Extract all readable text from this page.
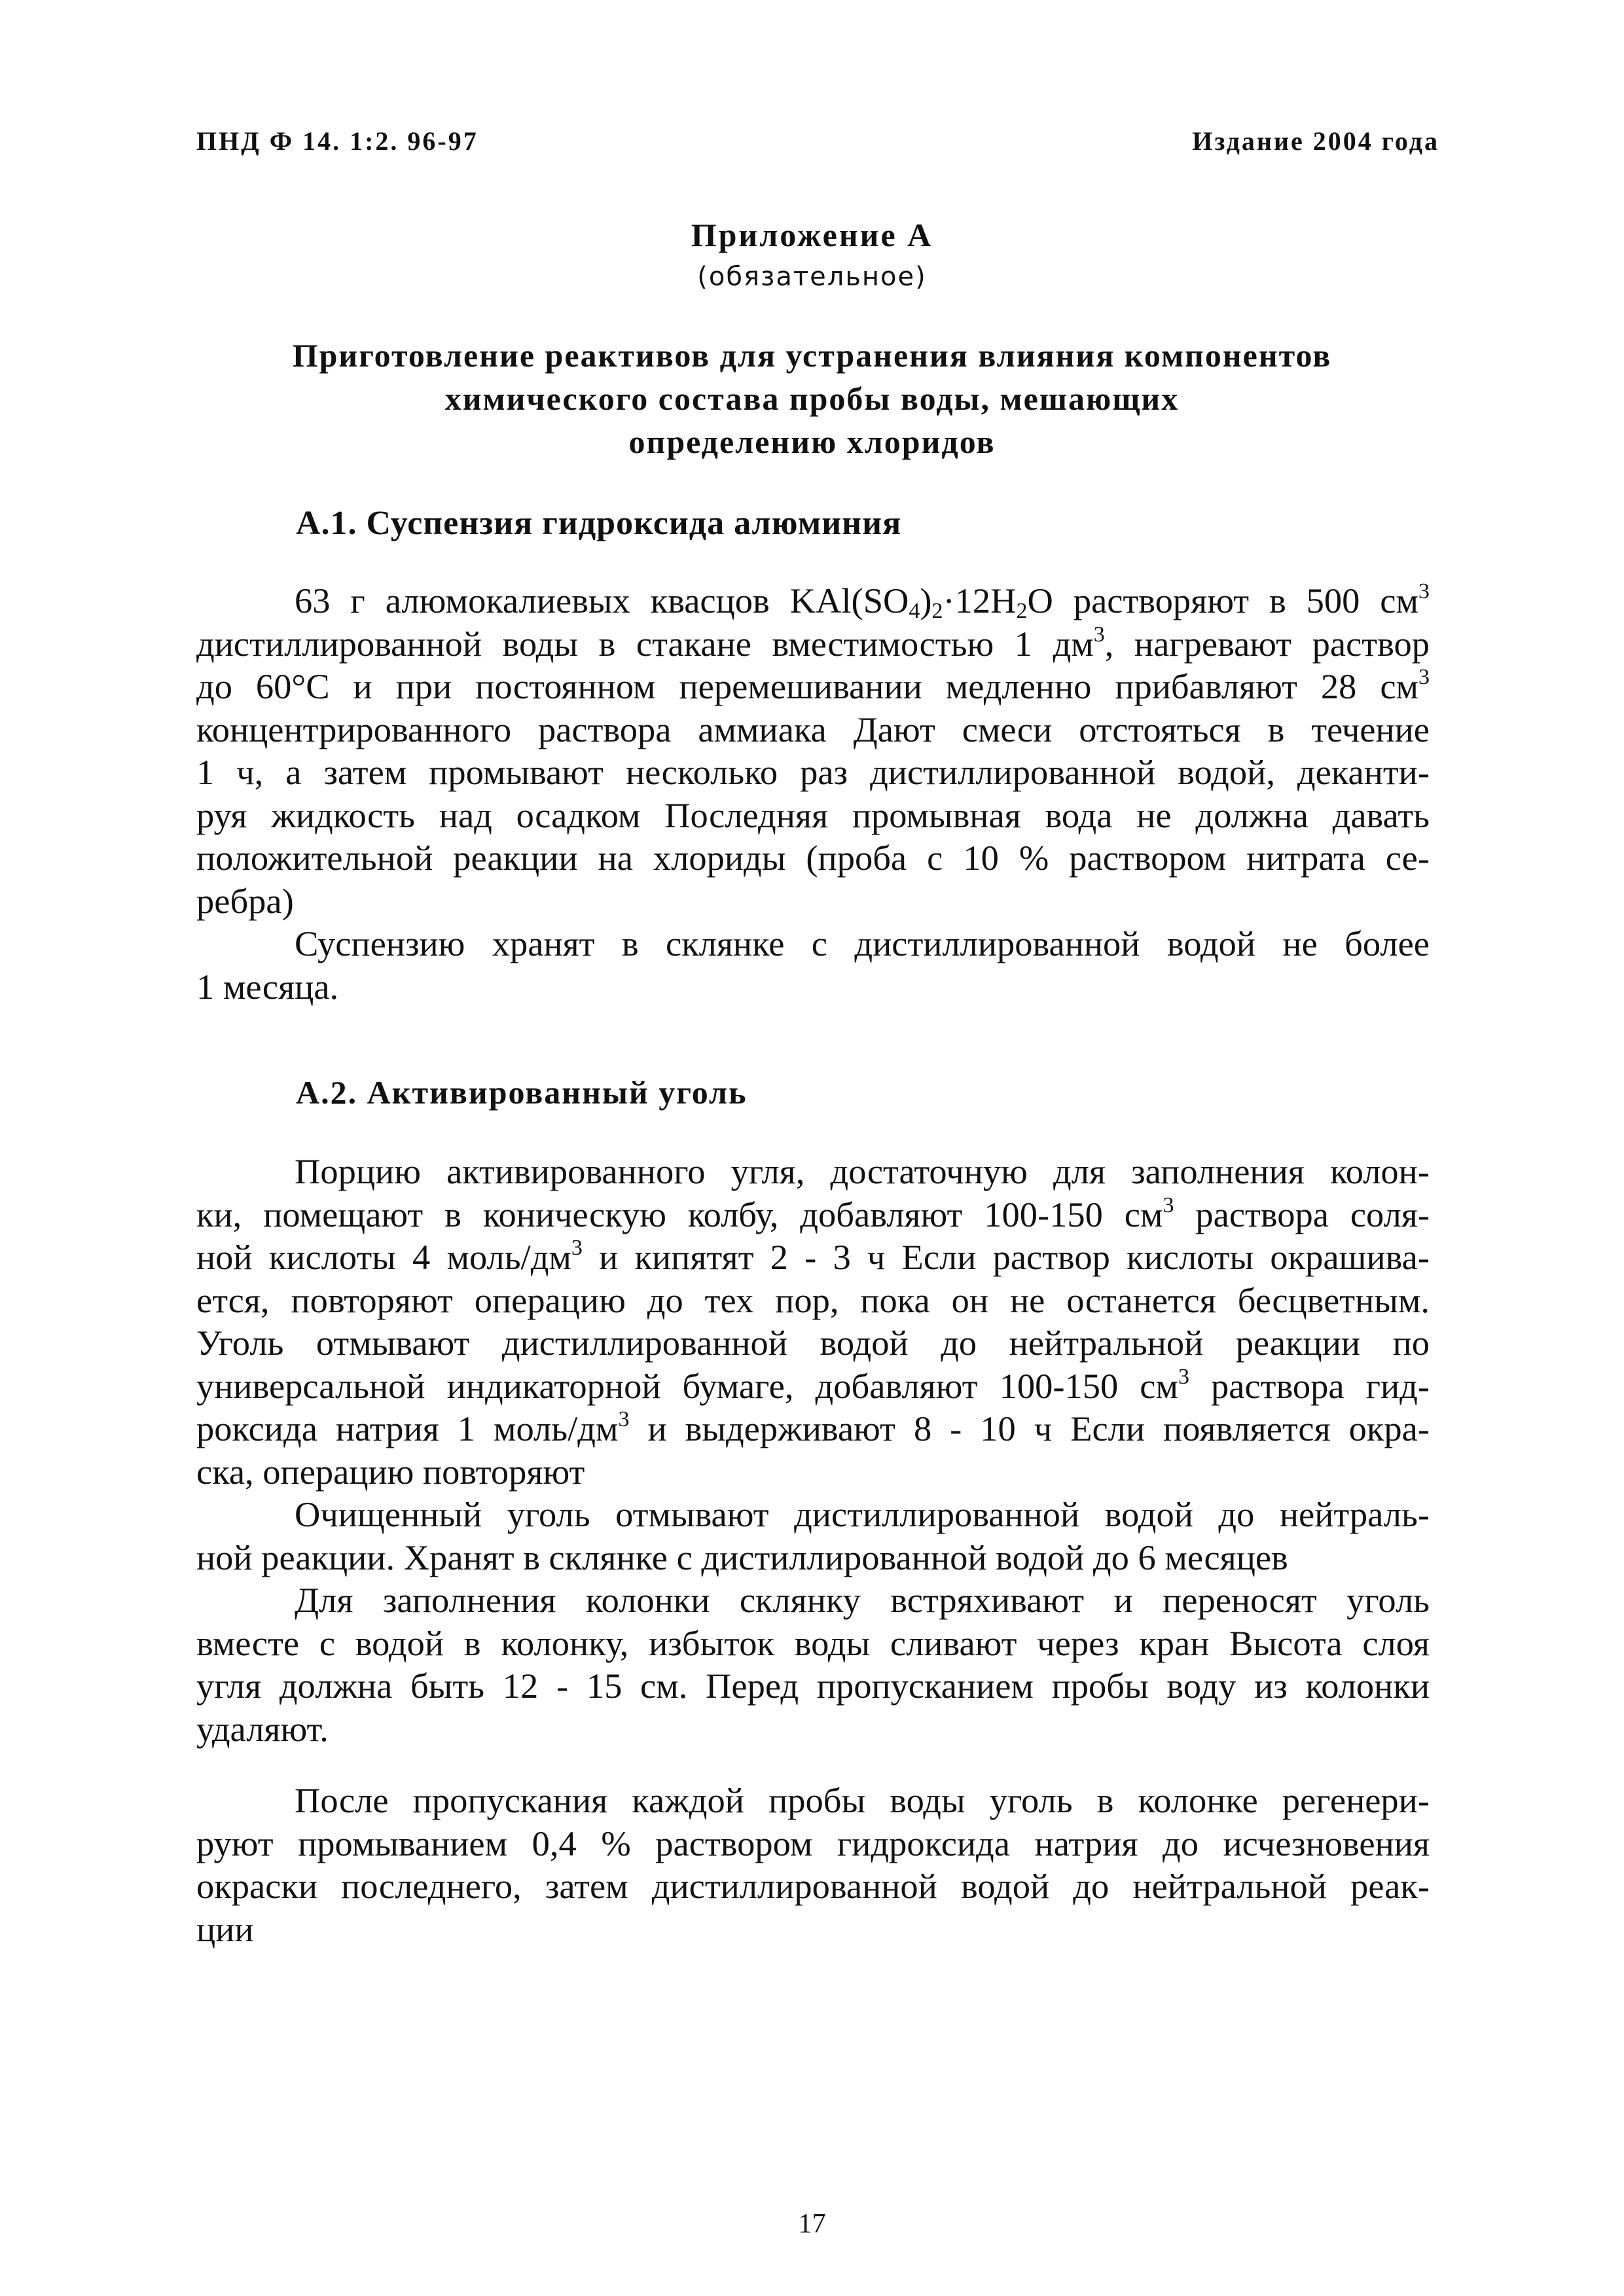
ПНД Ф 14. 1:2. 96-97	Издание 2004 года
Приложение А
(обязательное)
Приготовление реактивов для устранения влияния компонентов
химического состава пробы воды, мешающих
определению хлоридов
А.1. Суспензия гидроксида алюминия
63 г алюмокалиевых квасцов $KAl(SO_4)_2\cdot 12H_2O$ растворяют в 500 $см^3$
дистиллированной воды в стакане вместимостью 1 $дм^3$, нагревают раствор
до 60°С и при постоянном перемешивании медленно прибавляют 28 $см^3$
концентрированного раствора аммиака Дают смеси отстояться в течение
1 ч, а затем промывают несколько раз дистиллированной водой, деканти-
руя жидкость над осадком Последняя промывная вода не должна давать
положительной реакции на хлориды (проба с 10 % раствором нитрата се-
ребра)
Суспензию хранят в склянке с дистиллированной водой не более
1 месяца.
А.2. Активированный уголь
Порцию активированного угля, достаточную для заполнения колон-
ки, помещают в коническую колбу, добавляют 100-150 $см^3$ раствора соля-
ной кислоты 4 моль/$дм^3$ и кипятят 2 - 3 ч Если раствор кислоты окрашива-
ется, повторяют операцию до тех пор, пока он не останется бесцветным.
Уголь отмывают дистиллированной водой до нейтральной реакции по
универсальной индикаторной бумаге, добавляют 100-150 $см^3$ раствора гид-
роксида натрия 1 моль/$дм^3$ и выдерживают 8 - 10 ч Если появляется окра-
ска, операцию повторяют
Очищенный уголь отмывают дистиллированной водой до нейтраль-
ной реакции. Хранят в склянке с дистиллированной водой до 6 месяцев
Для заполнения колонки склянку встряхивают и переносят уголь
вместе с водой в колонку, избыток воды сливают через кран Высота слоя
угля должна быть 12 - 15 см. Перед пропусканием пробы воду из колонки
удаляют.
После пропускания каждой пробы воды уголь в колонке регенери-
руют промыванием 0,4 % раствором гидроксида натрия до исчезновения
окраски последнего, затем дистиллированной водой до нейтральной реак-
ции
17
